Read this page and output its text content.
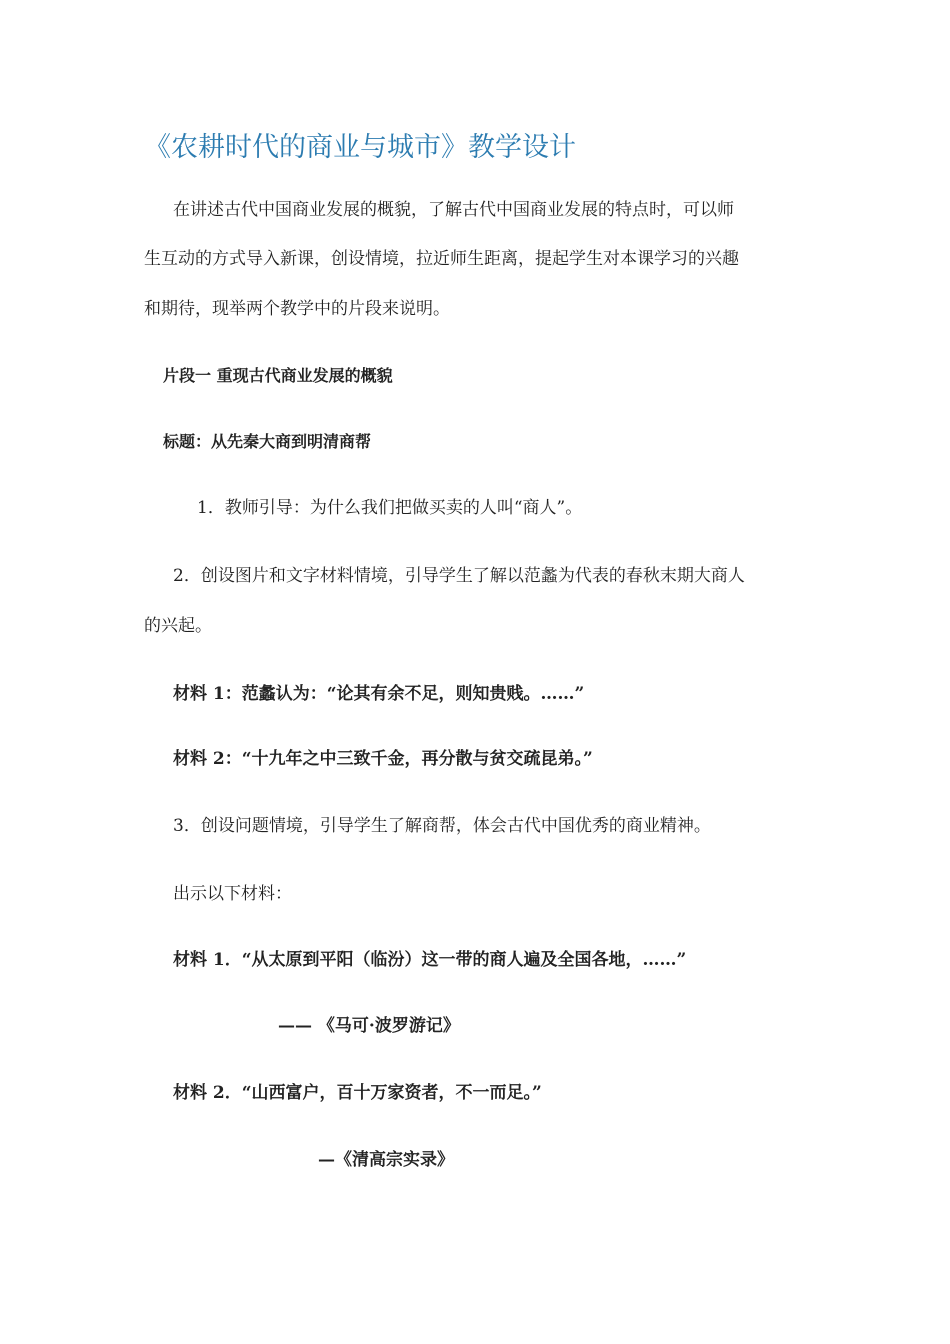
《农耕时代的商业与城市》教学设计
在讲述古代中国商业发展的概貌，了解古代中国商业发展的特点时，可以师
生互动的方式导入新课，创设情境，拉近师生距离，提起学生对本课学习的兴趣
和期待，现举两个教学中的片段来说明。
片段一 重现古代商业发展的概貌
标题：从先秦大商到明清商帮
1．教师引导：为什么我们把做买卖的人叫“商人”。
2．创设图片和文字材料情境，引导学生了解以范蠡为代表的春秋末期大商人
的兴起。
材料 1：范蠡认为：“论其有余不足，则知贵贱。……”
材料 2：“十九年之中三致千金，再分散与贫交疏昆弟。”
3．创设问题情境，引导学生了解商帮，体会古代中国优秀的商业精神。
出示以下材料：
材料 1．“从太原到平阳（临汾）这一带的商人遍及全国各地，……”
—— 《马可·波罗游记》
材料 2．“山西富户，百十万家资者，不一而足。”
—《清高宗实录》
